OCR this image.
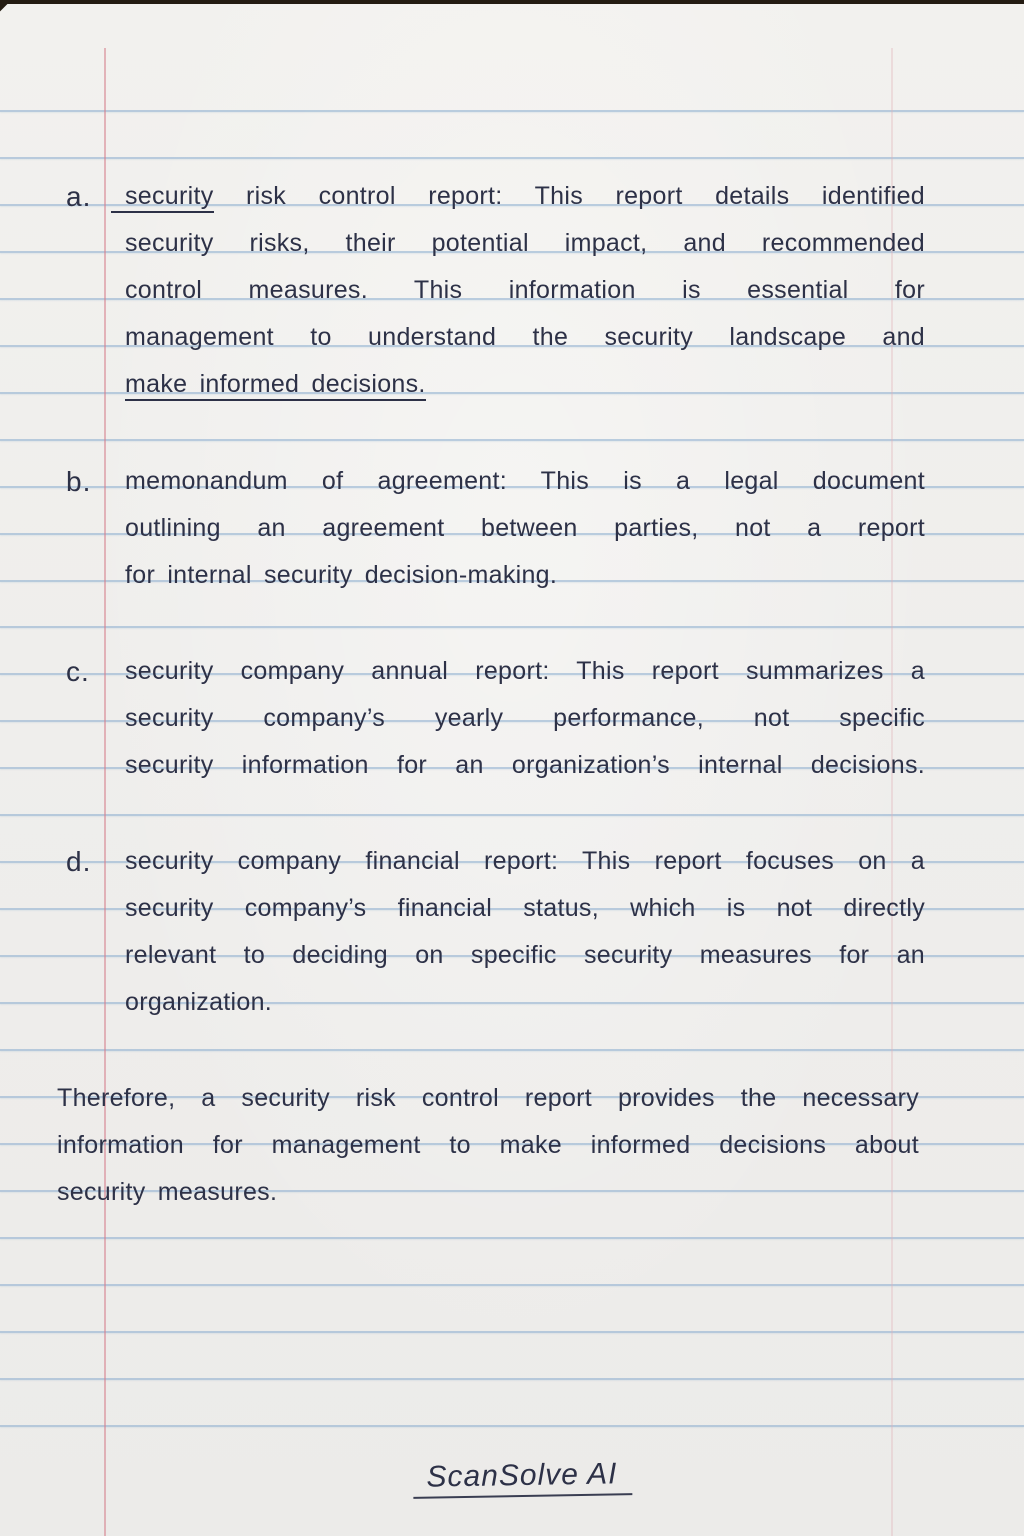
a. security risk control report: This report details identified
security risks, their potential impact, and recommended
control measures. This information is essential for
management to understand the security landscape and
make informed decisions.
b. memonandum of agreement: This is a legal document
outlining an agreement between parties, not a report
for internal security decision-making.
c. security company annual report: This report summarizes a
security company’s yearly performance, not specific
security information for an organization’s internal decisions.
d. security company financial report: This report focuses on a
security company’s financial status, which is not directly
relevant to deciding on specific security measures for an
organization.
Therefore, a security risk control report provides the necessary
information for management to make informed decisions about
security measures.
ScanSolve AI
